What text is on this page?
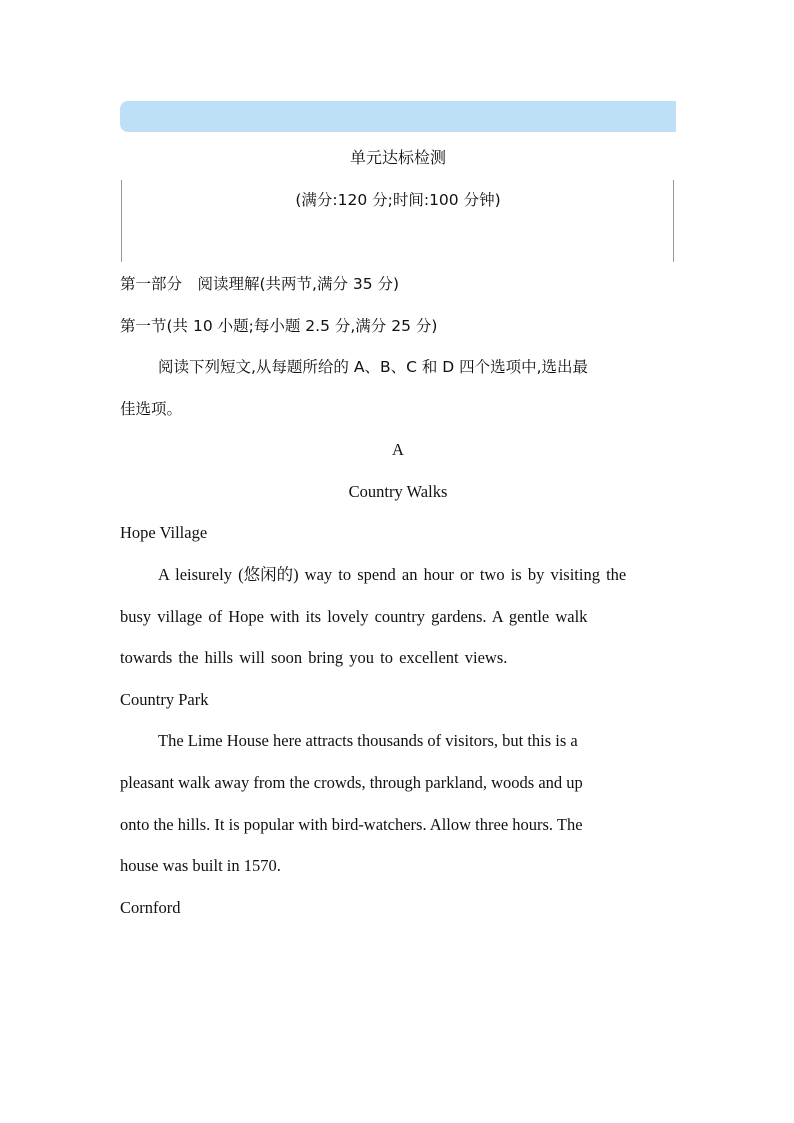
单元达标检测
(满分:120 分;时间:100 分钟)
第一部分　阅读理解(共两节,满分 35 分)
第一节(共 10 小题;每小题 2.5 分,满分 25 分)
阅读下列短文,从每题所给的 A、B、C 和 D 四个选项中,选出最
佳选项。
A
Country Walks
Hope Village
A leisurely (悠闲的) way to spend an hour or two is by visiting the
busy village of Hope with its lovely country gardens. A gentle walk
towards the hills will soon bring you to excellent views.
Country Park
The Lime House here attracts thousands of visitors, but this is a
pleasant walk away from the crowds, through parkland, woods and up
onto the hills. It is popular with bird-watchers. Allow three hours. The
house was built in 1570.
Cornford
